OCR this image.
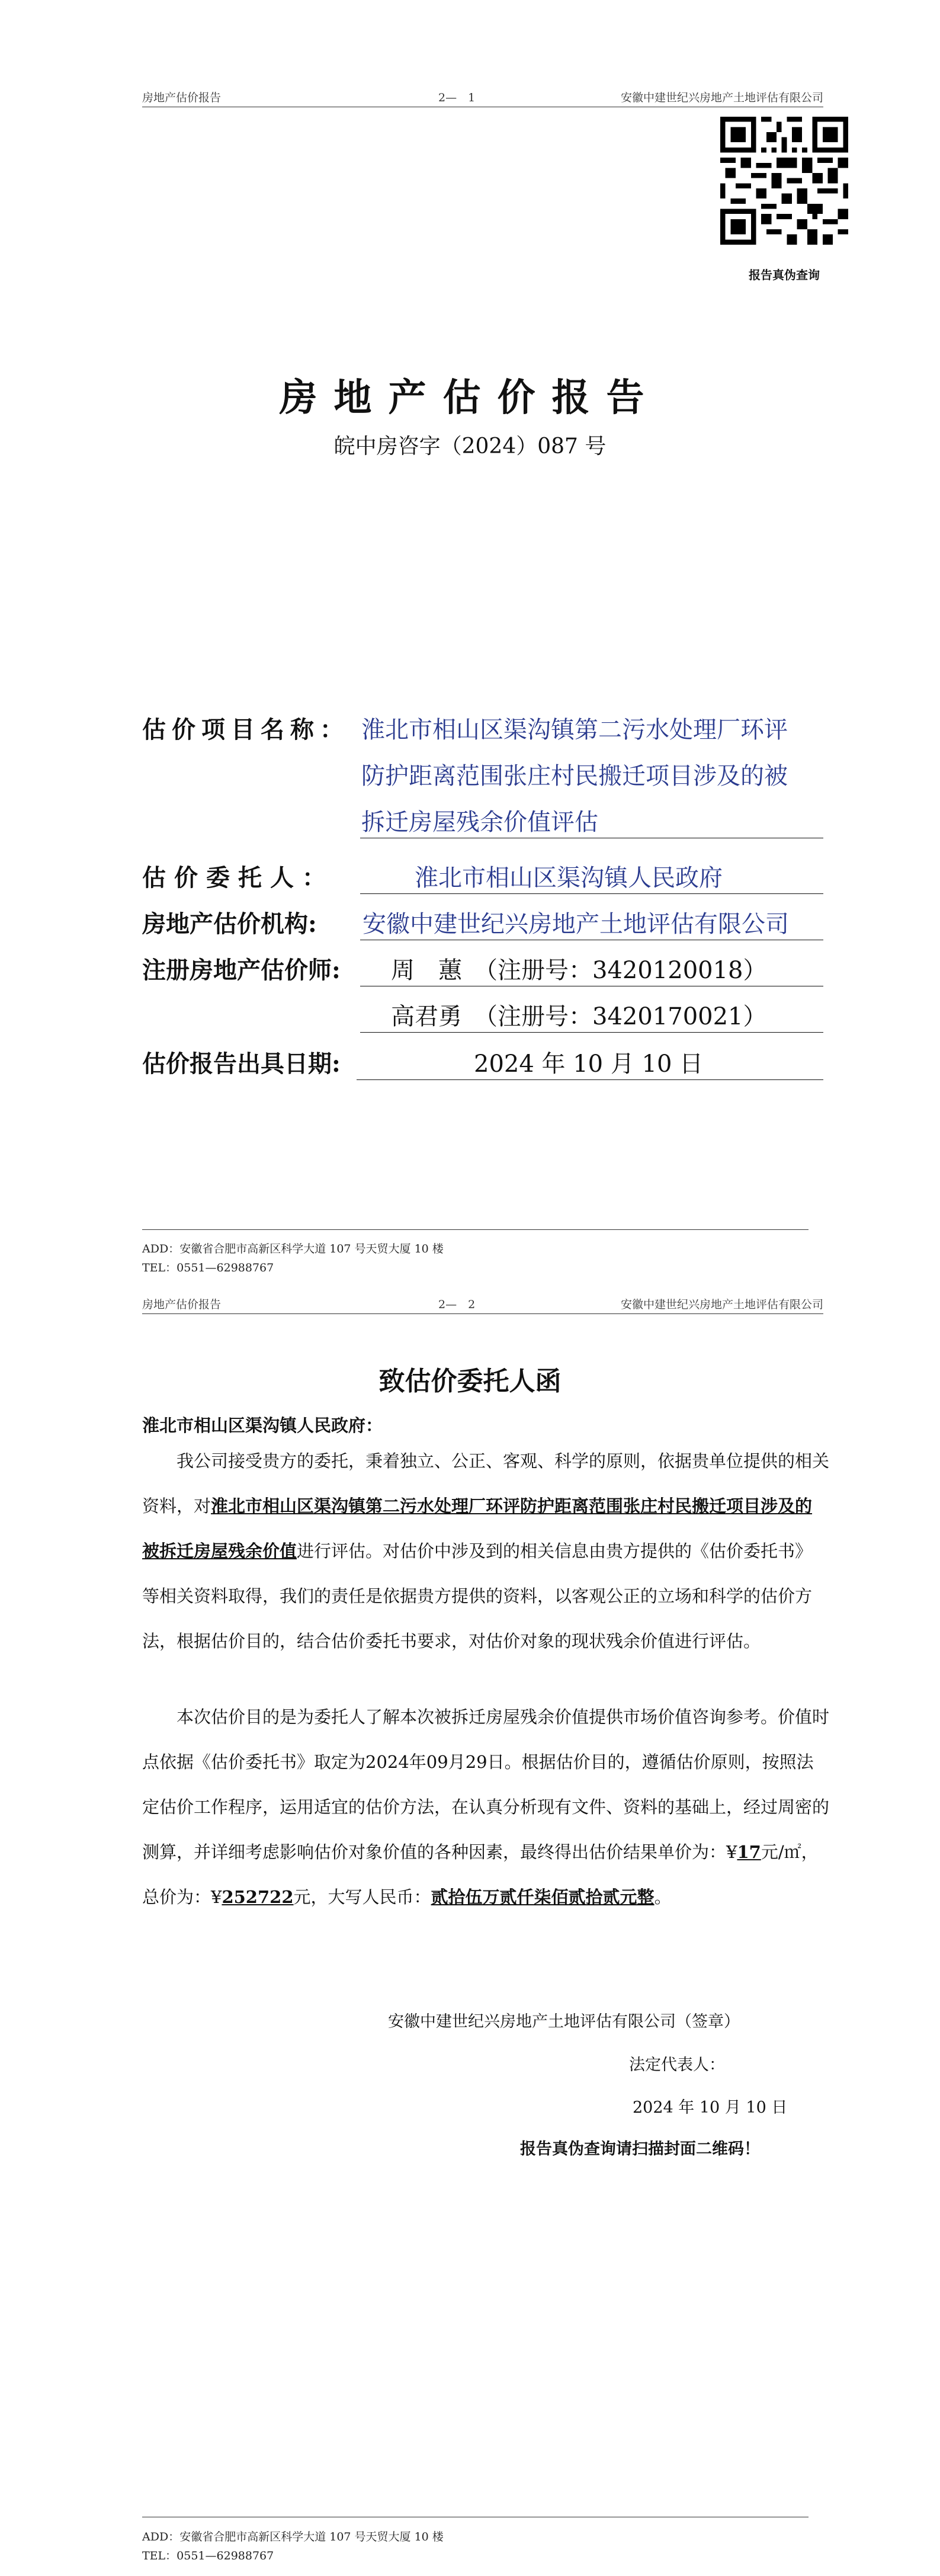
房地产估价报告	2—　1	安徽中建世纪兴房地产土地评估有限公司
报告真伪查询
房地产估价报告
皖中房咨字（2024）087 号
估价项目名称： 淮北市相山区渠沟镇第二污水处理厂环评
防护距离范围张庄村民搬迁项目涉及的被
拆迁房屋残余价值评估
估价委托人：	淮北市相山区渠沟镇人民政府
房地产估价机构: 安徽中建世纪兴房地产土地评估有限公司
注册房地产估价师: 周　蕙　（注册号：3420120018）
高君勇　（注册号：3420170021）
估价报告出具日期:	2024 年 10 月 10 日
ADD：安徽省合肥市高新区科学大道 107 号天贸大厦 10 楼
TEL：0551—62988767
房地产估价报告	2—　2	安徽中建世纪兴房地产土地评估有限公司
致估价委托人函
淮北市相山区渠沟镇人民政府：
我公司接受贵方的委托，秉着独立、公正、客观、科学的原则，依据贵单位提供的相关资料，对淮北市相山区渠沟镇第二污水处理厂环评防护距离范围张庄村民搬迁项目涉及的被拆迁房屋残余价值进行评估。对估价中涉及到的相关信息由贵方提供的《估价委托书》等相关资料取得，我们的责任是依据贵方提供的资料，以客观公正的立场和科学的估价方法，根据估价目的，结合估价委托书要求，对估价对象的现状残余价值进行评估。
本次估价目的是为委托人了解本次被拆迁房屋残余价值提供市场价值咨询参考。价值时点依据《估价委托书》取定为2024年09月29日。根据估价目的，遵循估价原则，按照法定估价工作程序，运用适宜的估价方法，在认真分析现有文件、资料的基础上，经过周密的测算，并详细考虑影响估价对象价值的各种因素，最终得出估价结果单价为：¥17元/㎡，总价为：¥252722元，大写人民币：贰拾伍万贰仟柒佰贰拾贰元整。
安徽中建世纪兴房地产土地评估有限公司（签章）
法定代表人：
2024 年 10 月 10 日
报告真伪查询请扫描封面二维码！
ADD：安徽省合肥市高新区科学大道 107 号天贸大厦 10 楼
TEL：0551—62988767
